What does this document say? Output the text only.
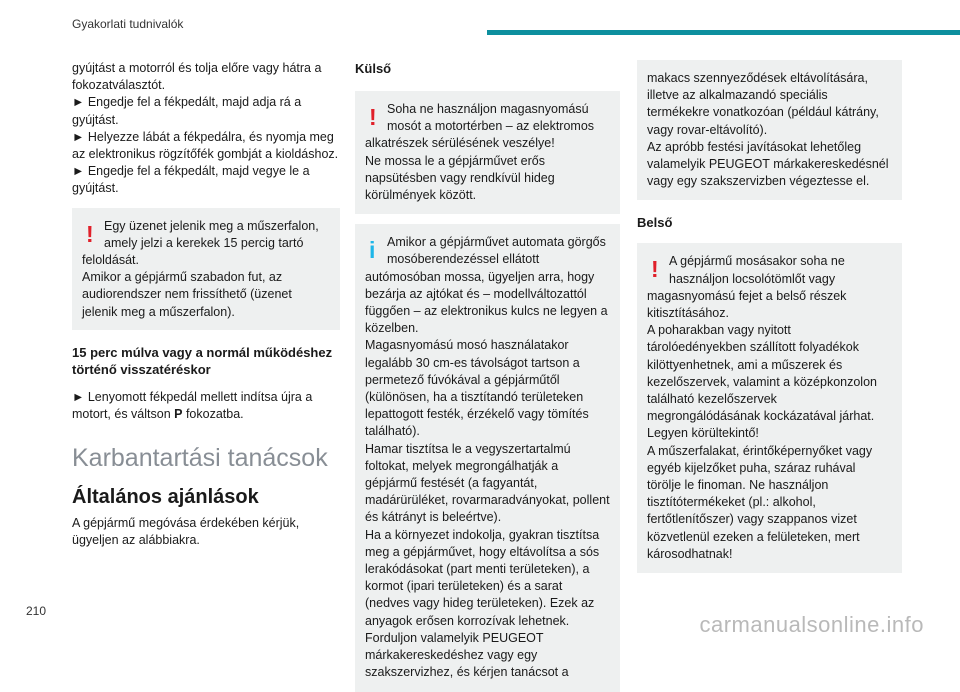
Gyakorlati tudnivalók

gyújtást a motorról és tolja előre vagy hátra a fokozatválasztót.

► Engedje fel a fékpedált, majd adja rá a gyújtást.

► Helyezze lábát a fékpedálra, és nyomja meg az elektronikus rögzítőfék gombját a kioldáshoz.

► Engedje fel a fékpedált, majd vegye le a gyújtást.

! Egy üzenet jelenik meg a műszerfalon, amely jelzi a kerekek 15 percig tartó
feloldását.
Amikor a gépjármű szabadon fut, az audiorendszer nem frissíthető (üzenet jelenik meg a műszerfalon).

15 perc múlva vagy a normál működéshez történő visszatéréskor

► Lenyomott fékpedál mellett indítsa újra a motort, és váltson P fokozatba.

Karbantartási tanácsok

Általános ajánlások

A gépjármű megóvása érdekében kérjük, ügyeljen az alábbiakra.

Külső

! Soha ne használjon magasnyomású mosót a motortérben – az elektromos
alkatrészek sérülésének veszélye!
Ne mossa le a gépjárművet erős napsütésben vagy rendkívül hideg körülmények között.
i Amikor a gépjárművet automata görgős mosóberendezéssel ellátott
autómosóban mossa, ügyeljen arra, hogy bezárja az ajtókat és – modellváltozattól függően – az elektronikus kulcs ne legyen a közelben.
Magasnyomású mosó használatakor legalább 30 cm-es távolságot tartson a permetező fúvókával a gépjárműtől (különösen, ha a tisztítandó területeken lepattogott festék, érzékelő vagy tömítés található).
Hamar tisztítsa le a vegyszertartalmú foltokat, melyek megrongálhatják a gépjármű festését (a fagyantát, madárürüléket, rovarmaradványokat, pollent és kátrányt is beleértve).
Ha a környezet indokolja, gyakran tisztítsa meg a gépjárművet, hogy eltávolítsa a sós lerakódásokat (part menti területeken), a kormot (ipari területeken) és a sarat (nedves vagy hideg területeken). Ezek az anyagok erősen korrozívak lehetnek.
Forduljon valamelyik PEUGEOT márkakereskedéshez vagy egy szakszervizhez, és kérjen tanácsot a
makacs szennyeződések eltávolítására, illetve az alkalmazandó speciális termékekre vonatkozóan (például kátrány, vagy rovar-eltávolító).
Az apróbb festési javításokat lehetőleg valamelyik PEUGEOT márkakereskedésnél vagy egy szakszervizben végeztesse el.

Belső

! A gépjármű mosásakor soha ne használjon locsolótömlőt vagy
magasnyomású fejet a belső részek kitisztításához.
A poharakban vagy nyitott tárolóedényekben szállított folyadékok kilöttyenhetnek, ami a műszerek és kezelőszervek, valamint a középkonzolon található kezelőszervek megrongálódásának kockázatával járhat. Legyen körültekintő!
A műszerfalakat, érintőképernyőket vagy egyéb kijelzőket puha, száraz ruhával törölje le finoman. Ne használjon tisztítótermékeket (pl.: alkohol, fertőtlenítőszer) vagy szappanos vizet közvetlenül ezeken a felületeken, mert károsodhatnak!
210
carmanualsonline.info
